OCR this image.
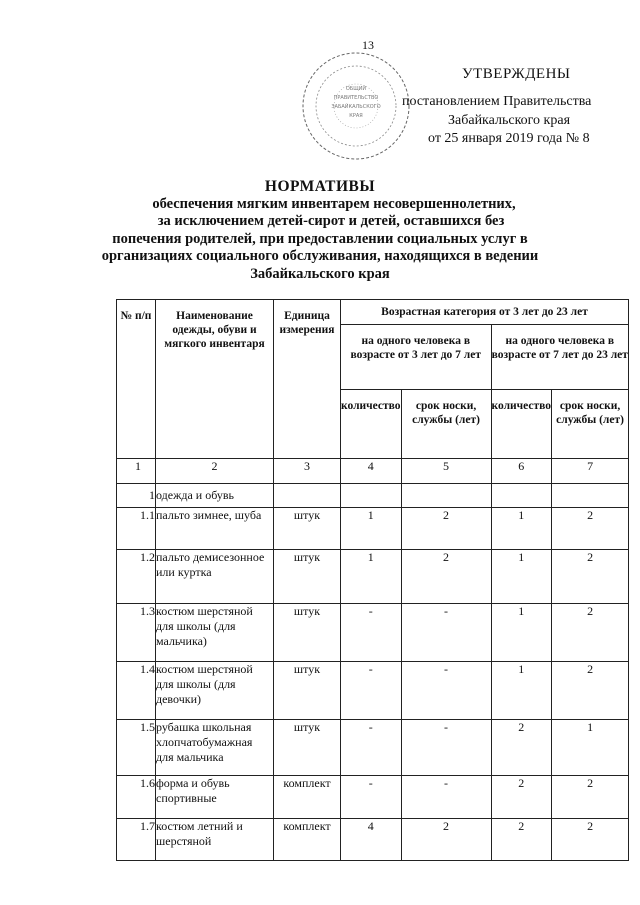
13
ОБЩИЙ
ПРАВИТЕЛЬСТВО
ЗАБАЙКАЛЬСКОГО
КРАЯ
УТВЕРЖДЕНЫ
постановлением Правительства
Забайкальского края
от 25 января 2019 года № 8
НОРМАТИВЫ
обеспечения мягким инвентарем несовершеннолетних,
за исключением детей-сирот и детей, оставшихся без
попечения родителей, при предоставлении социальных услуг в
организациях социального обслуживания, находящихся в ведении
Забайкальского края
№ п/п	Наименование одежды, обуви и мягкого инвентаря	Единица измерения	Возрастная категория от 3 лет до 23 лет			
			на одного человека в возрасте от 3 лет до 7 лет		на одного человека в возрасте от 7 лет до 23 лет	
			количество	срок носки, службы (лет)	количество	срок носки, службы (лет)
1	2	3	4	5	6	7
1	одежда и обувь					
1.1	пальто зимнее, шуба	штук	1	2	1	2
1.2	пальто демисезонное или куртка	штук	1	2	1	2
1.3	костюм шерстяной для школы (для мальчика)	штук	-	-	1	2
1.4	костюм шерстяной для школы (для девочки)	штук	-	-	1	2
1.5	рубашка школьная хлопчатобумажная для мальчика	штук	-	-	2	1
1.6	форма и обувь спортивные	комплект	-	-	2	2
1.7	костюм летний и шерстяной	комплект	4	2	2	2
